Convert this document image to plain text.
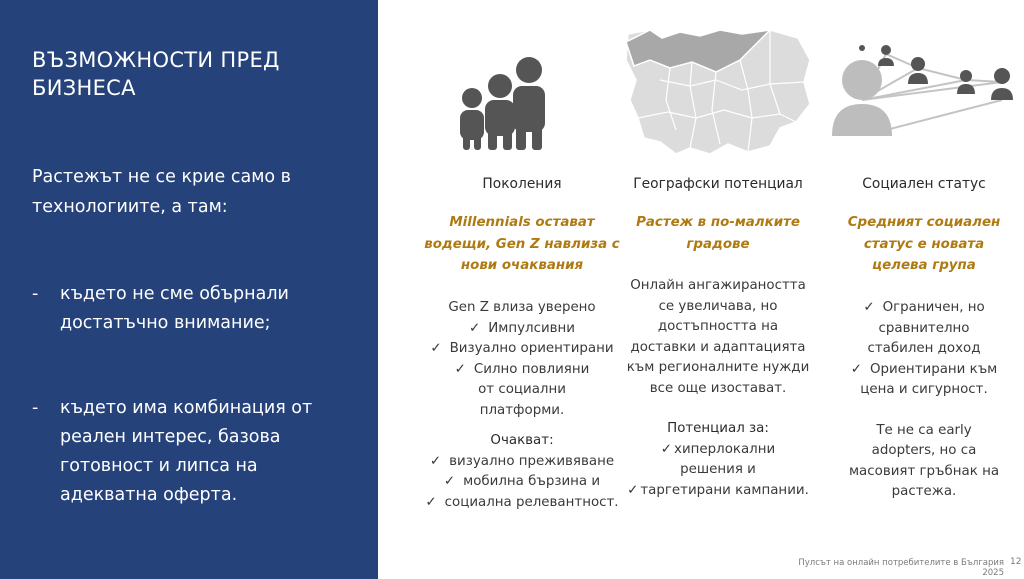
ВЪЗМОЖНОСТИ ПРЕД БИЗНЕСА

Растежът не се крие само в технологиите, а там:

- където не сме обърнали достатъчно внимание;
- където има комбинация от реален интерес, базова готовност и липса на адекватна оферта.
Поколения
Millennials остават водещи, Gen Z навлиза с нови очаквания
Gen Z влиза уверено
✓ Импулсивни
✓ Визуално ориентирани
✓ Силно повлияни от социални платформи.
Очакват:
✓ визуално преживяване
✓ мобилна бързина и
✓ социална релевантност.
Географски потенциал
Растеж в по-малките градове
Онлайн ангажираността се увеличава, но достъпността на доставки и адаптацията към регионалните нужди все още изостават.
Потенциал за:
✓ хиперлокални решения и
✓ таргетирани кампании.
Социален статус
Средният социален статус е новата целева група
✓ Ограничен, но сравнително стабилен доход
✓ Ориентирани към цена и сигурност.
Те не са early adopters, но са масовият гръбнак на растежа.
Пулсът на онлайн потребителите в България 2025
12
